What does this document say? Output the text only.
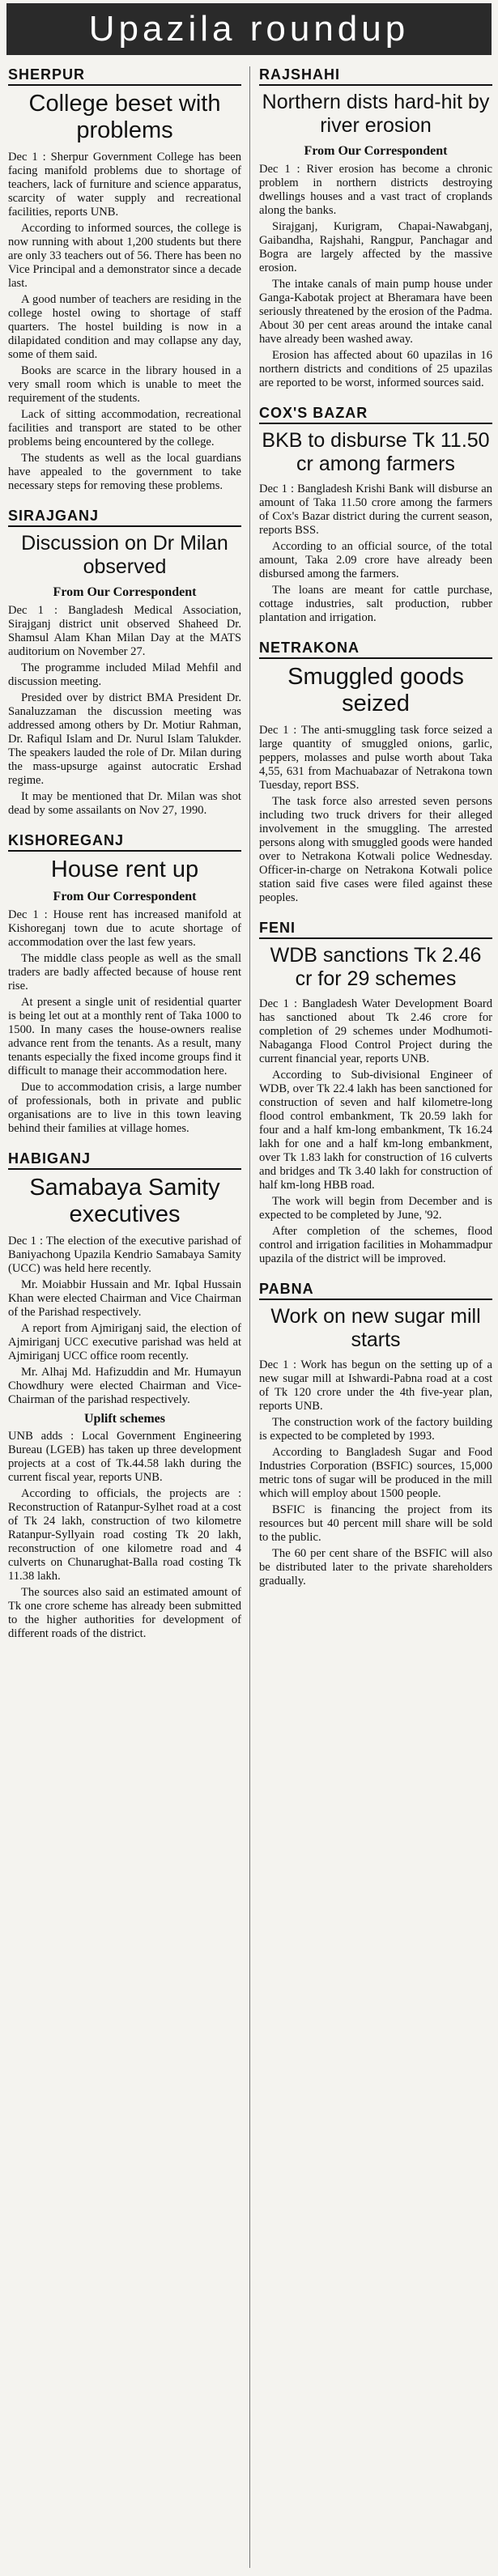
Upazila roundup
SHERPUR
College beset with problems

Dec 1 : Sherpur Government College has been facing manifold problems due to shortage of teachers, lack of furniture and science apparatus, scarcity of water supply and recreational facilities, reports UNB.

According to informed sources, the college is now running with about 1,200 students but there are only 33 teachers out of 56. There has been no Vice Principal and a demonstrator since a decade last.

A good number of teachers are residing in the college hostel owing to shortage of staff quarters. The hostel building is now in a dilapidated condition and may collapse any day, some of them said.

Books are scarce in the library housed in a very small room which is unable to meet the requirement of the students.

Lack of sitting accommodation, recreational facilities and transport are stated to be other problems being encountered by the college.

The students as well as the local guardians have appealed to the government to take necessary steps for removing these problems.

SIRAJGANJ
Discussion on Dr Milan observed
From Our Correspondent

Dec 1 : Bangladesh Medical Association, Sirajganj district unit observed Shaheed Dr. Shamsul Alam Khan Milan Day at the MATS auditorium on November 27.

The programme included Milad Mehfil and discussion meeting.

Presided over by district BMA President Dr. Sanaluzzaman the discussion meeting was addressed among others by Dr. Motiur Rahman, Dr. Rafiqul Islam and Dr. Nurul Islam Talukder. The speakers lauded the role of Dr. Milan during the mass-upsurge against autocratic Ershad regime.

It may be mentioned that Dr. Milan was shot dead by some assailants on Nov 27, 1990.

KISHOREGANJ
House rent up
From Our Correspondent

Dec 1 : House rent has increased manifold at Kishoreganj town due to acute shortage of accommodation over the last few years.

The middle class people as well as the small traders are badly affected because of house rent rise.

At present a single unit of residential quarter is being let out at a monthly rent of Taka 1000 to 1500. In many cases the house-owners realise advance rent from the tenants. As a result, many tenants especially the fixed income groups find it difficult to manage their accommodation here.

Due to accommodation crisis, a large number of professionals, both in private and public organisations are to live in this town leaving behind their families at village homes.

HABIGANJ
Samabaya Samity executives

Dec 1 : The election of the executive parishad of Baniyachong Upazila Kendrio Samabaya Samity (UCC) was held here recently.

Mr. Moiabbir Hussain and Mr. Iqbal Hussain Khan were elected Chairman and Vice Chairman of the Parishad respectively.

A report from Ajmiriganj said, the election of Ajmiriganj UCC executive parishad was held at Ajmiriganj UCC office room recently.

Mr. Alhaj Md. Hafizuddin and Mr. Humayun Chowdhury were elected Chairman and Vice-Chairman of the parishad respectively.

Uplift schemes

UNB adds : Local Government Engineering Bureau (LGEB) has taken up three development projects at a cost of Tk.44.58 lakh during the current fiscal year, reports UNB.

According to officials, the projects are : Reconstruction of Ratanpur-Sylhet road at a cost of Tk 24 lakh, construction of two kilometre Ratanpur-Syllyain road costing Tk 20 lakh, reconstruction of one kilometre road and 4 culverts on Chunarughat-Balla road costing Tk 11.38 lakh.

The sources also said an estimated amount of Tk one crore scheme has already been submitted to the higher authorities for development of different roads of the district.

RAJSHAHI
Northern dists hard-hit by river erosion
From Our Correspondent

Dec 1 : River erosion has become a chronic problem in northern districts destroying dwellings houses and a vast tract of croplands along the banks.

Sirajganj, Kurigram, Chapai-Nawabganj, Gaibandha, Rajshahi, Rangpur, Panchagar and Bogra are largely affected by the massive erosion.

The intake canals of main pump house under Ganga-Kabotak project at Bheramara have been seriously threatened by the erosion of the Padma. About 30 per cent areas around the intake canal have already been washed away.

Erosion has affected about 60 upazilas in 16 northern districts and conditions of 25 upazilas are reported to be worst, informed sources said.

COX'S BAZAR
BKB to disburse Tk 11.50 cr among farmers

Dec 1 : Bangladesh Krishi Bank will disburse an amount of Taka 11.50 crore among the farmers of Cox's Bazar district during the current season, reports BSS.

According to an official source, of the total amount, Taka 2.09 crore have already been disbursed among the farmers.

The loans are meant for cattle purchase, cottage industries, salt production, rubber plantation and irrigation.

NETRAKONA
Smuggled goods seized

Dec 1 : The anti-smuggling task force seized a large quantity of smuggled onions, garlic, peppers, molasses and pulse worth about Taka 4,55, 631 from Machuabazar of Netrakona town Tuesday, report BSS.

The task force also arrested seven persons including two truck drivers for their alleged involvement in the smuggling. The arrested persons along with smuggled goods were handed over to Netrakona Kotwali police Wednesday. Officer-in-charge on Netrakona Kotwali police station said five cases were filed against these peoples.

FENI
WDB sanctions Tk 2.46 cr for 29 schemes

Dec 1 : Bangladesh Water Development Board has sanctioned about Tk 2.46 crore for completion of 29 schemes under Modhumoti-Nabaganga Flood Control Project during the current financial year, reports UNB.

According to Sub-divisional Engineer of WDB, over Tk 22.4 lakh has been sanctioned for construction of seven and half kilometre-long flood control embankment, Tk 20.59 lakh for four and a half km-long embankment, Tk 16.24 lakh for one and a half km-long embankment, over Tk 1.83 lakh for construction of 16 culverts and bridges and Tk 3.40 lakh for construction of half km-long HBB road.

The work will begin from December and is expected to be completed by June, '92.

After completion of the schemes, flood control and irrigation facilities in Mohammadpur upazila of the district will be improved.

PABNA
Work on new sugar mill starts

Dec 1 : Work has begun on the setting up of a new sugar mill at Ishwardi-Pabna road at a cost of Tk 120 crore under the 4th five-year plan, reports UNB.

The construction work of the factory building is expected to be completed by 1993.

According to Bangladesh Sugar and Food Industries Corporation (BSFIC) sources, 15,000 metric tons of sugar will be produced in the mill which will employ about 1500 people.

BSFIC is financing the project from its resources but 40 percent mill share will be sold to the public.

The 60 per cent share of the BSFIC will also be distributed later to the private shareholders gradually.
